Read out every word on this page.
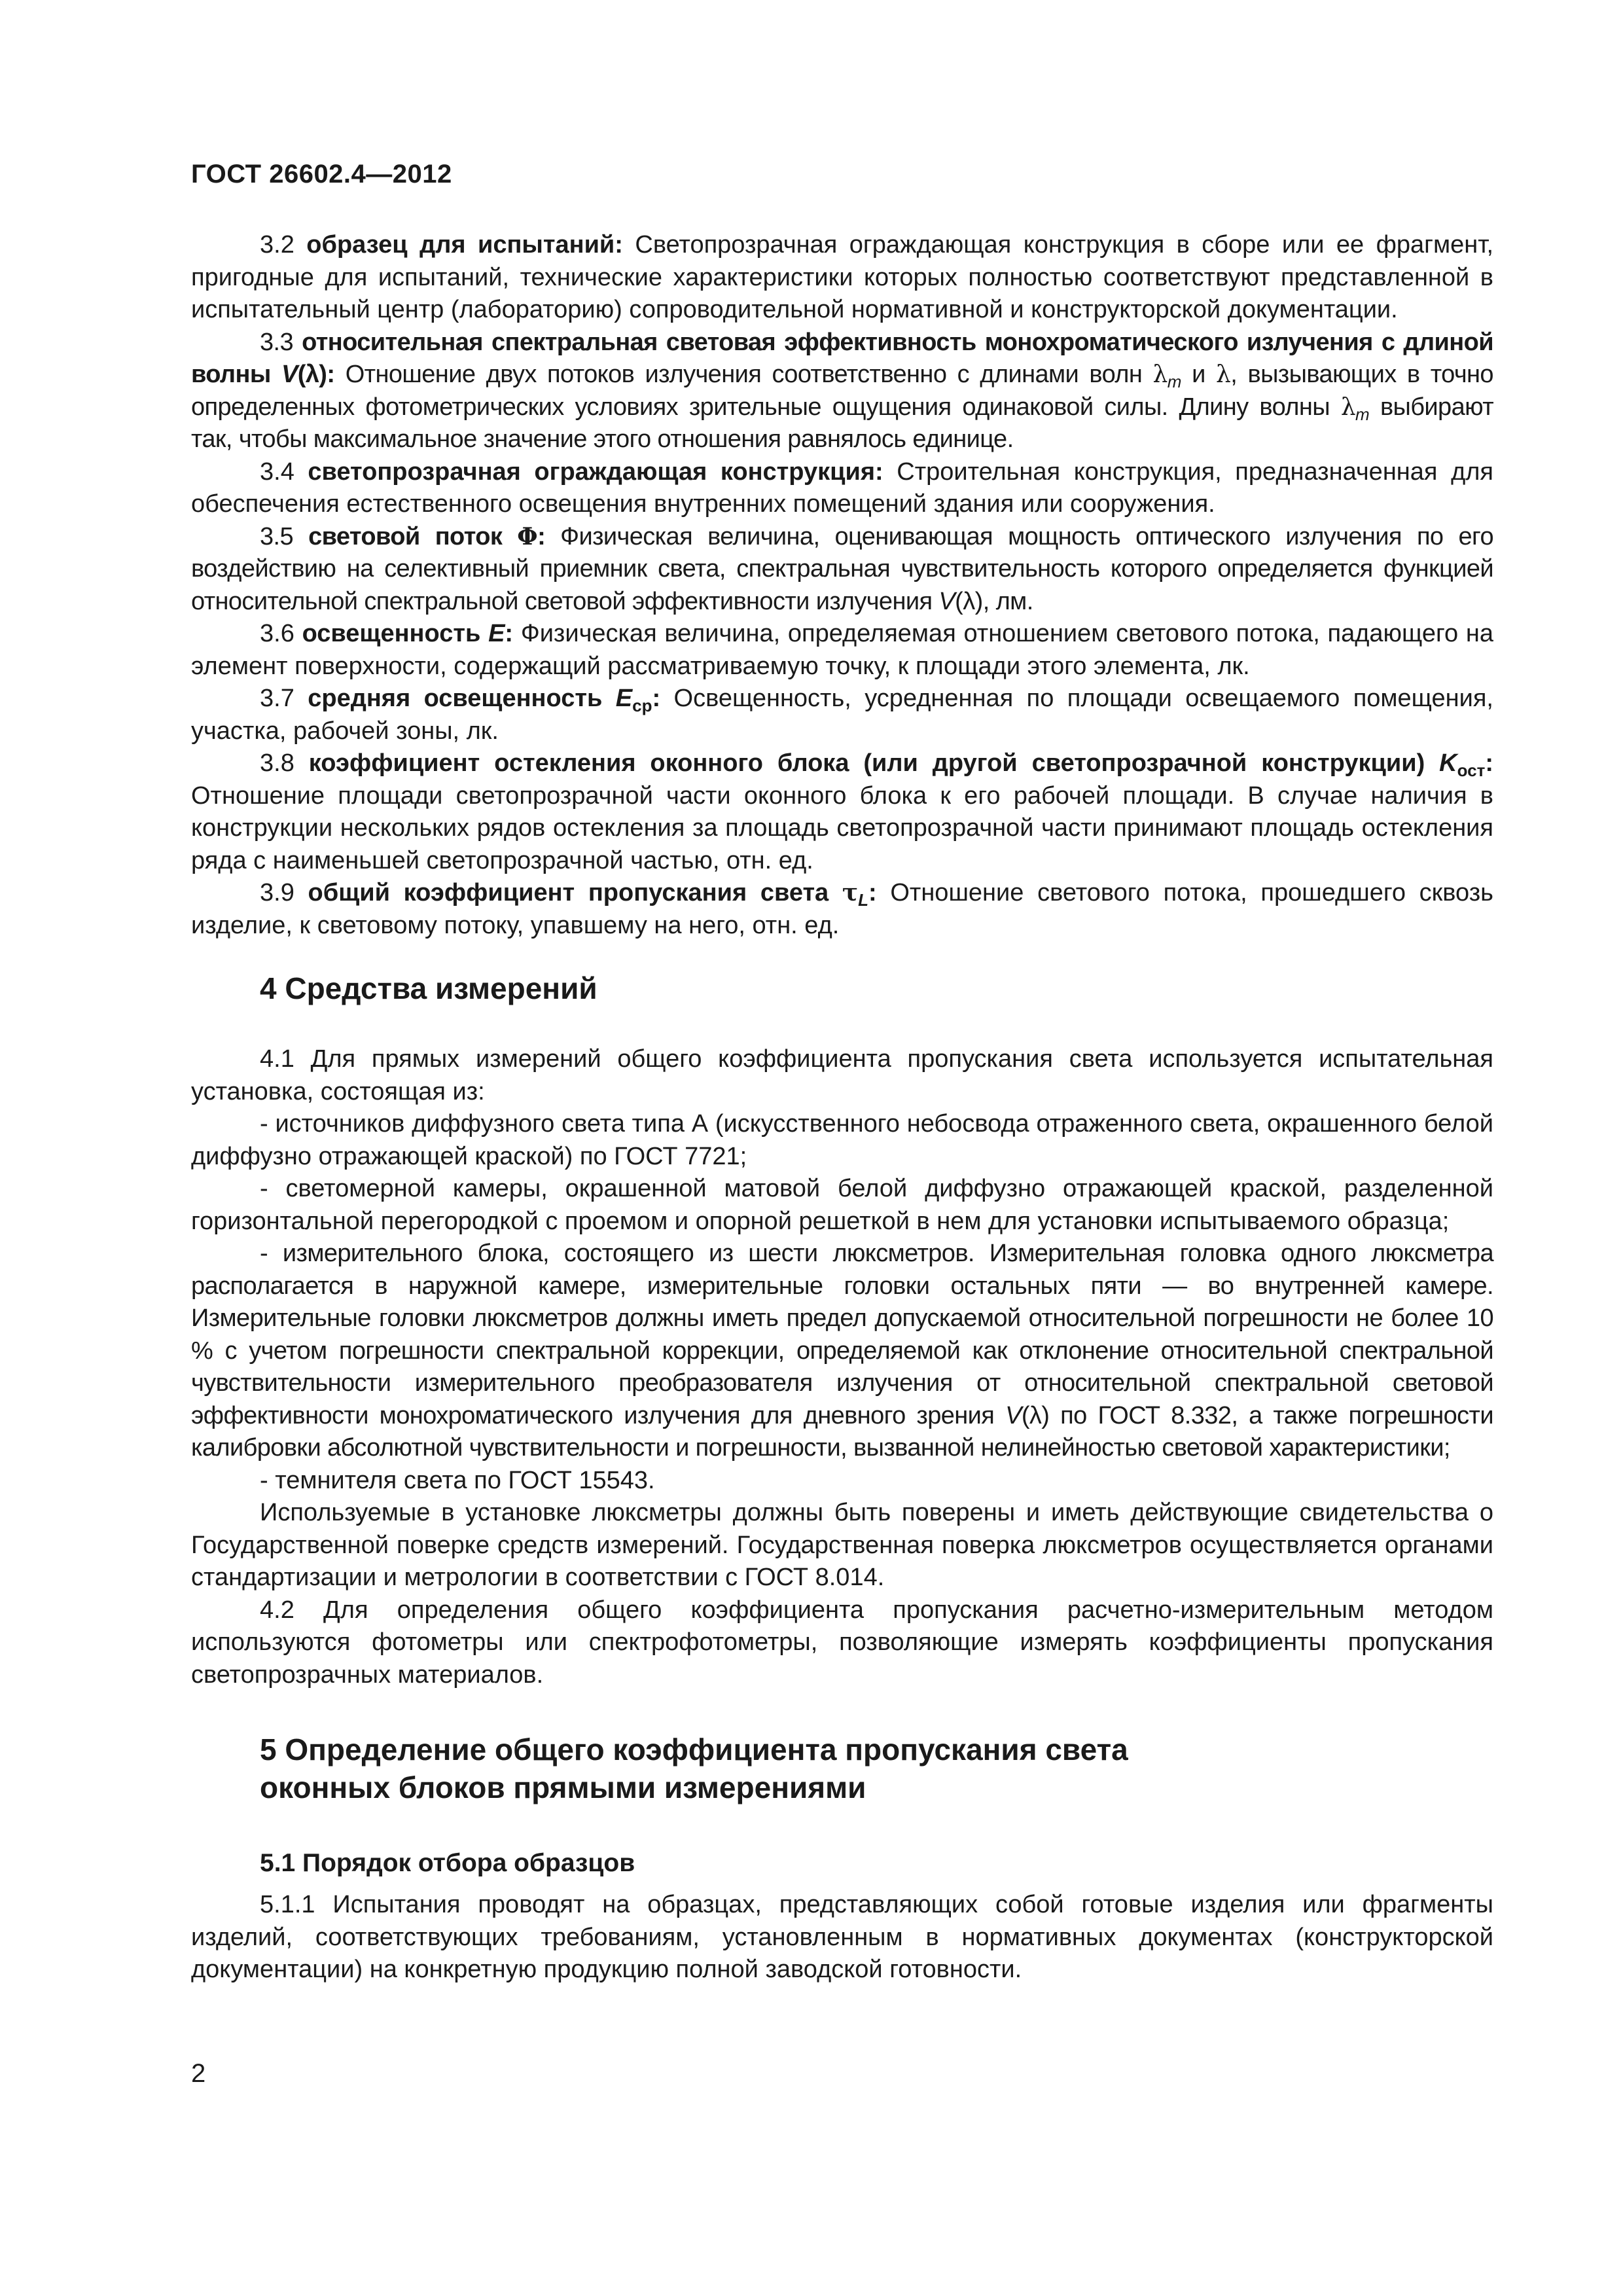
ГОСТ 26602.4—2012

3.2 образец для испытаний: Светопрозрачная ограждающая конструкция в сборе или ее фрагмент, пригодные для испытаний, технические характеристики которых полностью соответствуют представленной в испытательный центр (лабораторию) сопроводительной нормативной и конструкторской документации.

3.3 относительная спектральная световая эффективность монохроматического излучения с длиной волны V(λ): Отношение двух потоков излучения соответственно с длинами волн $\lambda_m$ и λ, вызывающих в точно определенных фотометрических условиях зрительные ощущения одинаковой силы. Длину волны $\lambda_m$ выбирают так, чтобы максимальное значение этого отношения равнялось единице.

3.4 светопрозрачная ограждающая конструкция: Строительная конструкция, предназначенная для обеспечения естественного освещения внутренних помещений здания или сооружения.

3.5 световой поток Φ: Физическая величина, оценивающая мощность оптического излучения по его воздействию на селективный приемник света, спектральная чувствительность которого определяется функцией относительной спектральной световой эффективности излучения V(λ), лм.

3.6 освещенность E: Физическая величина, определяемая отношением светового потока, падающего на элемент поверхности, содержащий рассматриваемую точку, к площади этого элемента, лк.

3.7 средняя освещенность $E_{ср}$: Освещенность, усредненная по площади освещаемого помещения, участка, рабочей зоны, лк.

3.8 коэффициент остекления оконного блока (или другой светопрозрачной конструкции) $K_{ост}$: Отношение площади светопрозрачной части оконного блока к его рабочей площади. В случае наличия в конструкции нескольких рядов остекления за площадь светопрозрачной части принимают площадь остекления ряда с наименьшей светопрозрачной частью, отн. ед.

3.9 общий коэффициент пропускания света $\tau_L$: Отношение светового потока, прошедшего сквозь изделие, к световому потоку, упавшему на него, отн. ед.

4 Средства измерений

4.1 Для прямых измерений общего коэффициента пропускания света используется испытательная установка, состоящая из:

- источников диффузного света типа А (искусственного небосвода отраженного света, окрашенного белой диффузно отражающей краской) по ГОСТ 7721;

- светомерной камеры, окрашенной матовой белой диффузно отражающей краской, разделенной горизонтальной перегородкой с проемом и опорной решеткой в нем для установки испытываемого образца;

- измерительного блока, состоящего из шести люксметров. Измерительная головка одного люксметра располагается в наружной камере, измерительные головки остальных пяти — во внутренней камере. Измерительные головки люксметров должны иметь предел допускаемой относительной погрешности не более 10 % с учетом погрешности спектральной коррекции, определяемой как отклонение относительной спектральной чувствительности измерительного преобразователя излучения от относительной спектральной световой эффективности монохроматического излучения для дневного зрения V(λ) по ГОСТ 8.332, а также погрешности калибровки абсолютной чувствительности и погрешности, вызванной нелинейностью световой характеристики;

- темнителя света по ГОСТ 15543.

Используемые в установке люксметры должны быть поверены и иметь действующие свидетельства о Государственной поверке средств измерений. Государственная поверка люксметров осуществляется органами стандартизации и метрологии в соответствии с ГОСТ 8.014.

4.2 Для определения общего коэффициента пропускания расчетно-измерительным методом используются фотометры или спектрофотометры, позволяющие измерять коэффициенты пропускания светопрозрачных материалов.

5 Определение общего коэффициента пропускания света
оконных блоков прямыми измерениями
5.1 Порядок отбора образцов

5.1.1 Испытания проводят на образцах, представляющих собой готовые изделия или фрагменты изделий, соответствующих требованиям, установленным в нормативных документах (конструкторской документации) на конкретную продукцию полной заводской готовности.

2
